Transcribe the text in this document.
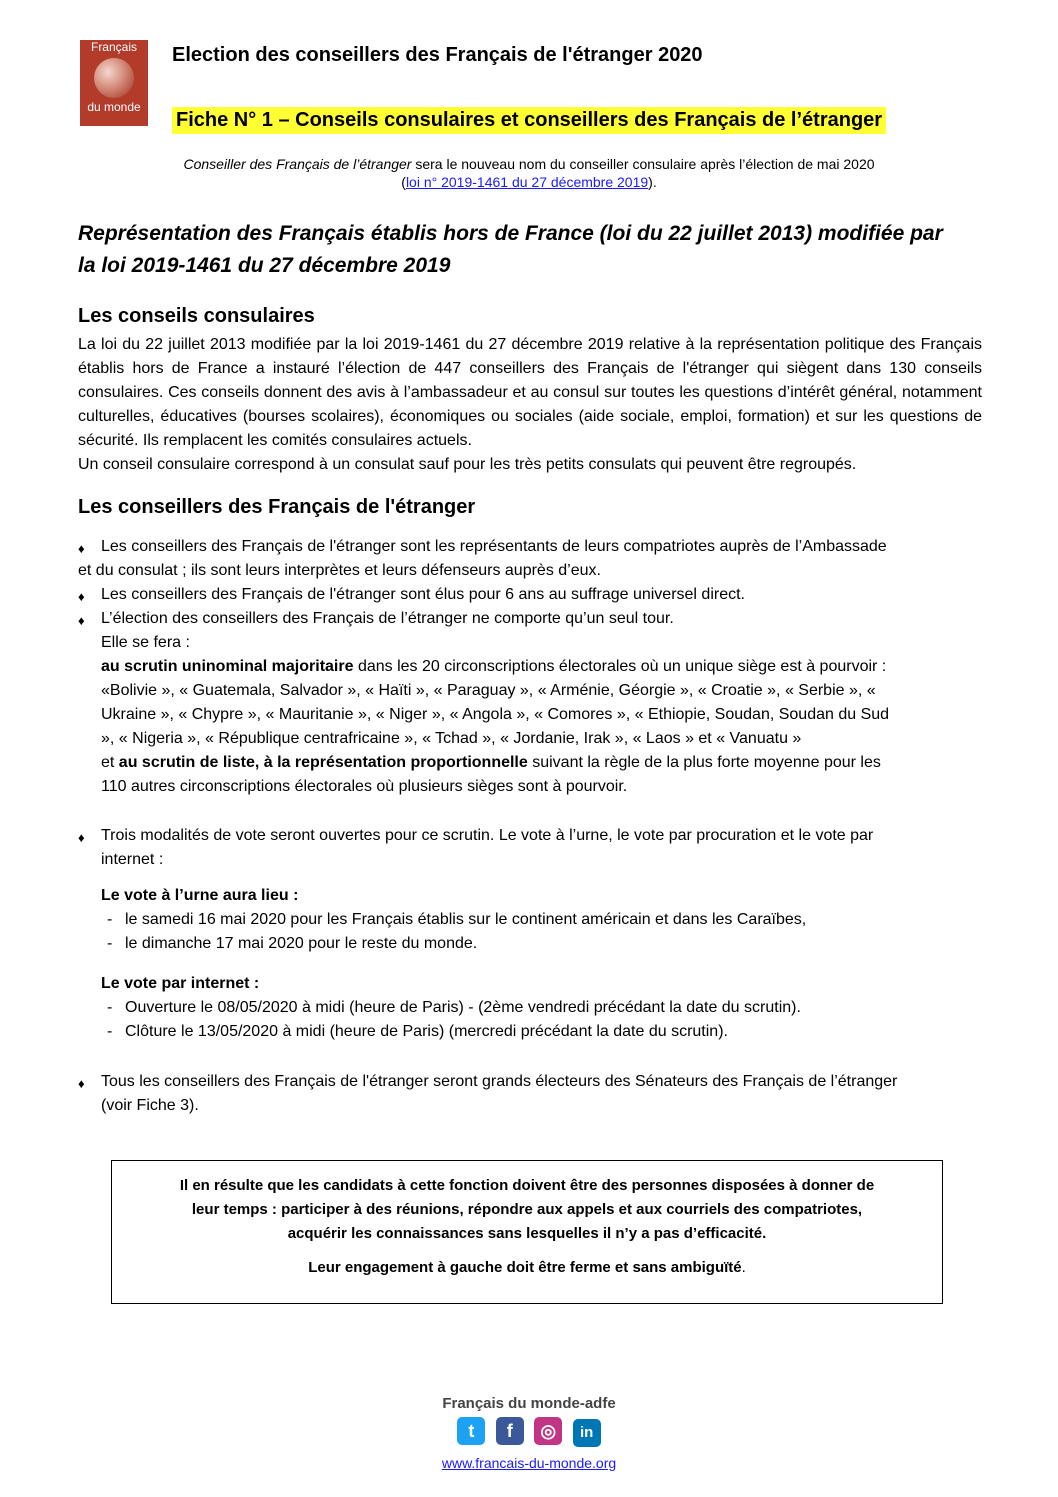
Français
du monde
Election des conseillers des Français de l'étranger 2020
Fiche N° 1 – Conseils consulaires et conseillers des Français de l’étranger
Conseiller des Français de l’étranger sera le nouveau nom du conseiller consulaire après l’élection de mai 2020
(loi n° 2019-1461 du 27 décembre 2019).
Représentation des Français établis hors de France (loi du 22 juillet 2013) modifiée par
la loi 2019-1461 du 27 décembre 2019
Les conseils consulaires
La loi du 22 juillet 2013 modifiée par la loi 2019-1461 du 27 décembre 2019 relative à la représentation politique des Français établis hors de France a instauré l’élection de 447 conseillers des Français de l'étranger qui siègent dans 130 conseils consulaires. Ces conseils donnent des avis à l’ambassadeur et au consul sur toutes les questions d’intérêt général, notamment culturelles, éducatives (bourses scolaires), économiques ou sociales (aide sociale, emploi, formation) et sur les questions de sécurité. Ils remplacent les comités consulaires actuels.
Un conseil consulaire correspond à un consulat sauf pour les très petits consulats qui peuvent être regroupés.
Les conseillers des Français de l'étranger
♦ Les conseillers des Français de l'étranger sont les représentants de leurs compatriotes auprès de l’Ambassade
et du consulat ; ils sont leurs interprètes et leurs défenseurs auprès d’eux.
♦ Les conseillers des Français de l'étranger sont élus pour 6 ans au suffrage universel direct.
♦ L’élection des conseillers des Français de l’étranger ne comporte qu’un seul tour.
Elle se fera :
au scrutin uninominal majoritaire dans les 20 circonscriptions électorales où un unique siège est à pourvoir :
«Bolivie », « Guatemala, Salvador », « Haïti », « Paraguay », « Arménie, Géorgie », « Croatie », « Serbie », «
Ukraine », « Chypre », « Mauritanie », « Niger », « Angola », « Comores », « Ethiopie, Soudan, Soudan du Sud
», « Nigeria », « République centrafricaine », « Tchad », « Jordanie, Irak », « Laos » et « Vanuatu »
et au scrutin de liste, à la représentation proportionnelle suivant la règle de la plus forte moyenne pour les
110 autres circonscriptions électorales où plusieurs sièges sont à pourvoir.
♦ Trois modalités de vote seront ouvertes pour ce scrutin. Le vote à l’urne, le vote par procuration et le vote par
internet :
Le vote à l’urne aura lieu :
- le samedi 16 mai 2020 pour les Français établis sur le continent américain et dans les Caraïbes,
- le dimanche 17 mai 2020 pour le reste du monde.
Le vote par internet :
- Ouverture le 08/05/2020 à midi (heure de Paris) - (2ème vendredi précédant la date du scrutin).
- Clôture le 13/05/2020 à midi (heure de Paris) (mercredi précédant la date du scrutin).
♦ Tous les conseillers des Français de l'étranger seront grands électeurs des Sénateurs des Français de l’étranger
(voir Fiche 3).
Il en résulte que les candidats à cette fonction doivent être des personnes disposées à donner de
leur temps : participer à des réunions, répondre aux appels et aux courriels des compatriotes,
acquérir les connaissances sans lesquelles il n’y a pas d’efficacité.
Leur engagement à gauche doit être ferme et sans ambiguïté.
Français du monde-adfe
t f ◎ in
www.francais-du-monde.org
